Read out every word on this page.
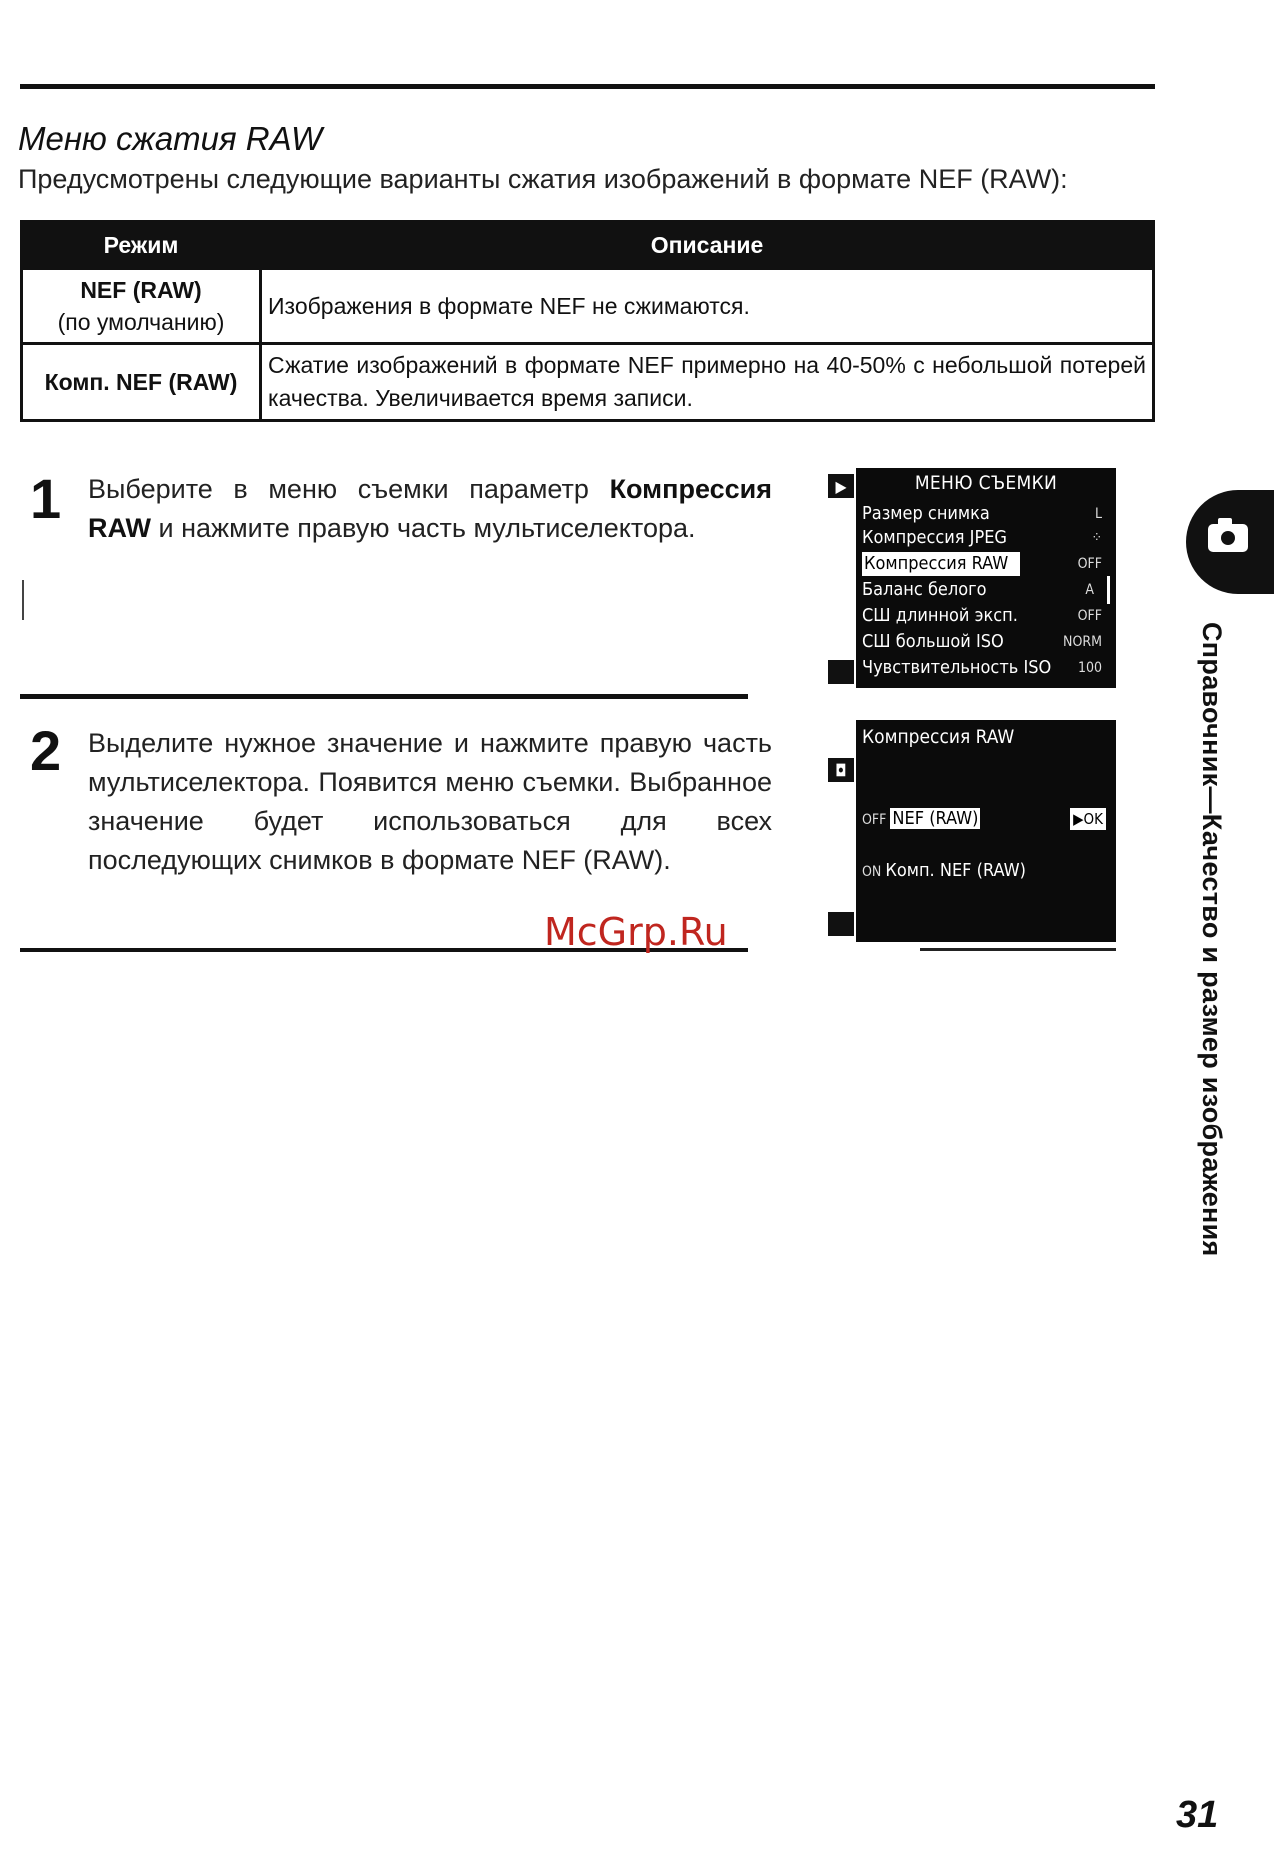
Меню сжатия RAW
Предусмотрены следующие варианты сжатия изображений в формате NEF (RAW):
Режим	Описание
NEF (RAW)
(по умолчанию)	Изображения в формате NEF не сжимаются.
Комп. NEF (RAW)	Сжатие изображений в формате NEF примерно на 40-50% с небольшой потерей качества. Увеличивается время записи.
1 Выберите в меню съемки параметр Компрессия RAW и нажмите правую часть мультиселектора.
2 Выделите нужное значение и нажмите правую часть мультиселектора. Появится меню съемки. Выбранное значение будет использоваться для всех последующих снимков в формате NEF (RAW).
McGrp.Ru
▶
◘
✎
Y
▤
МЕНЮ СЪЕМКИ
Размер снимка	L
Компрессия JPEG	⁘
Компрессия RAW	OFF
Баланс белого	A
СШ длинной эксп.	OFF
СШ большой ISO	NORM
Чувствительность ISO 100
▸
◘
✎
▢
Компрессия RAW
OFF NEF (RAW)	▶OK
ON Комп. NEF (RAW)	Справочник—Качество и размер изображения
31
